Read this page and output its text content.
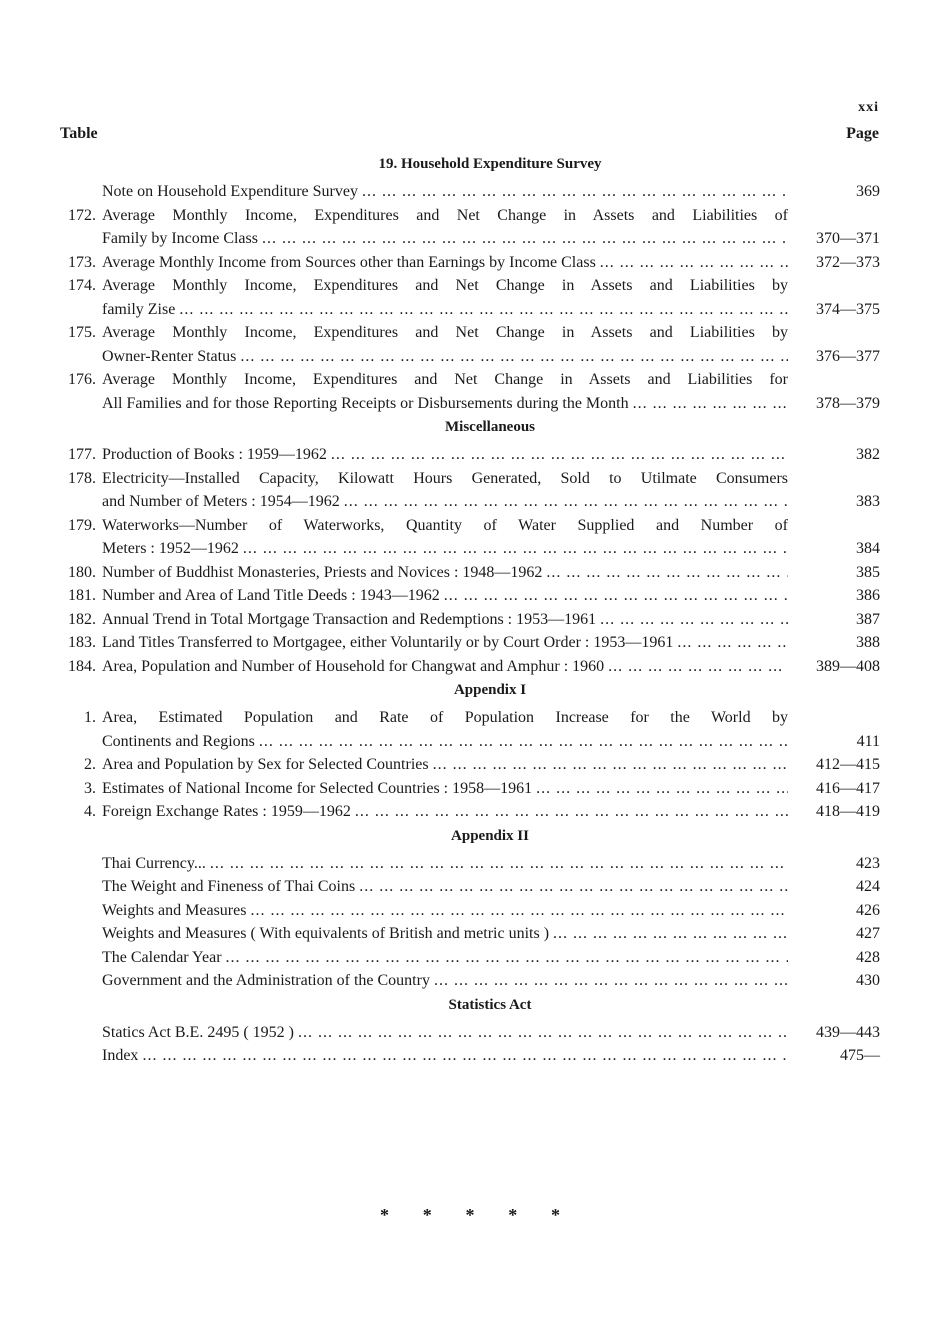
xxi
Table	Page
19. Household Expenditure Survey
Note on Household Expenditure Survey ... .	369
172. Average Monthly Income, Expenditures and Net Change in Assets and Liabilities of
Family by Income Class ... .	370—371
173. Average Monthly Income from Sources other than Earnings by Income Class ... .	372—373
174. Average Monthly Income, Expenditures and Net Change in Assets and Liabilities by
family Zise ... .	374—375
175. Average Monthly Income, Expenditures and Net Change in Assets and Liabilities by
Owner-Renter Status ... .	376—377
176. Average Monthly Income, Expenditures and Net Change in Assets and Liabilities for
All Families and for those Reporting Receipts or Disbursements during the Month ... .	378—379
Miscellaneous
177. Production of Books : 1959—1962 ... .	382
178. Electricity—Installed Capacity, Kilowatt Hours Generated, Sold to Utilmate Consumers
and Number of Meters : 1954—1962 ... .	383
179. Waterworks—Number of Waterworks, Quantity of Water Supplied and Number of
Meters : 1952—1962 ... .	384
180. Number of Buddhist Monasteries, Priests and Novices : 1948—1962 ... .	385
181. Number and Area of Land Title Deeds : 1943—1962 ... .	386
182. Annual Trend in Total Mortgage Transaction and Redemptions : 1953—1961 ... .	387
183. Land Titles Transferred to Mortgagee, either Voluntarily or by Court Order : 1953—1961 ... .	388
184. Area, Population and Number of Household for Changwat and Amphur : 1960 ... .	389—408
Appendix I
1. Area, Estimated Population and Rate of Population Increase for the World by
Continents and Regions ... .	411
2. Area and Population by Sex for Selected Countries ... .	412—415
3. Estimates of National Income for Selected Countries : 1958—1961 ... .	416—417
4. Foreign Exchange Rates : 1959—1962 ... .	418—419
Appendix II
Thai Currency... ... .	423
The Weight and Fineness of Thai Coins ... .	424
Weights and Measures ... .	426
Weights and Measures ( With equivalents of British and metric units ) ... .	427
The Calendar Year ... .	428
Government and the Administration of the Country ... .	430
Statistics Act
Statics Act B.E. 2495 ( 1952 ) ... .	439—443
Index ... .	475—
* * * * *
